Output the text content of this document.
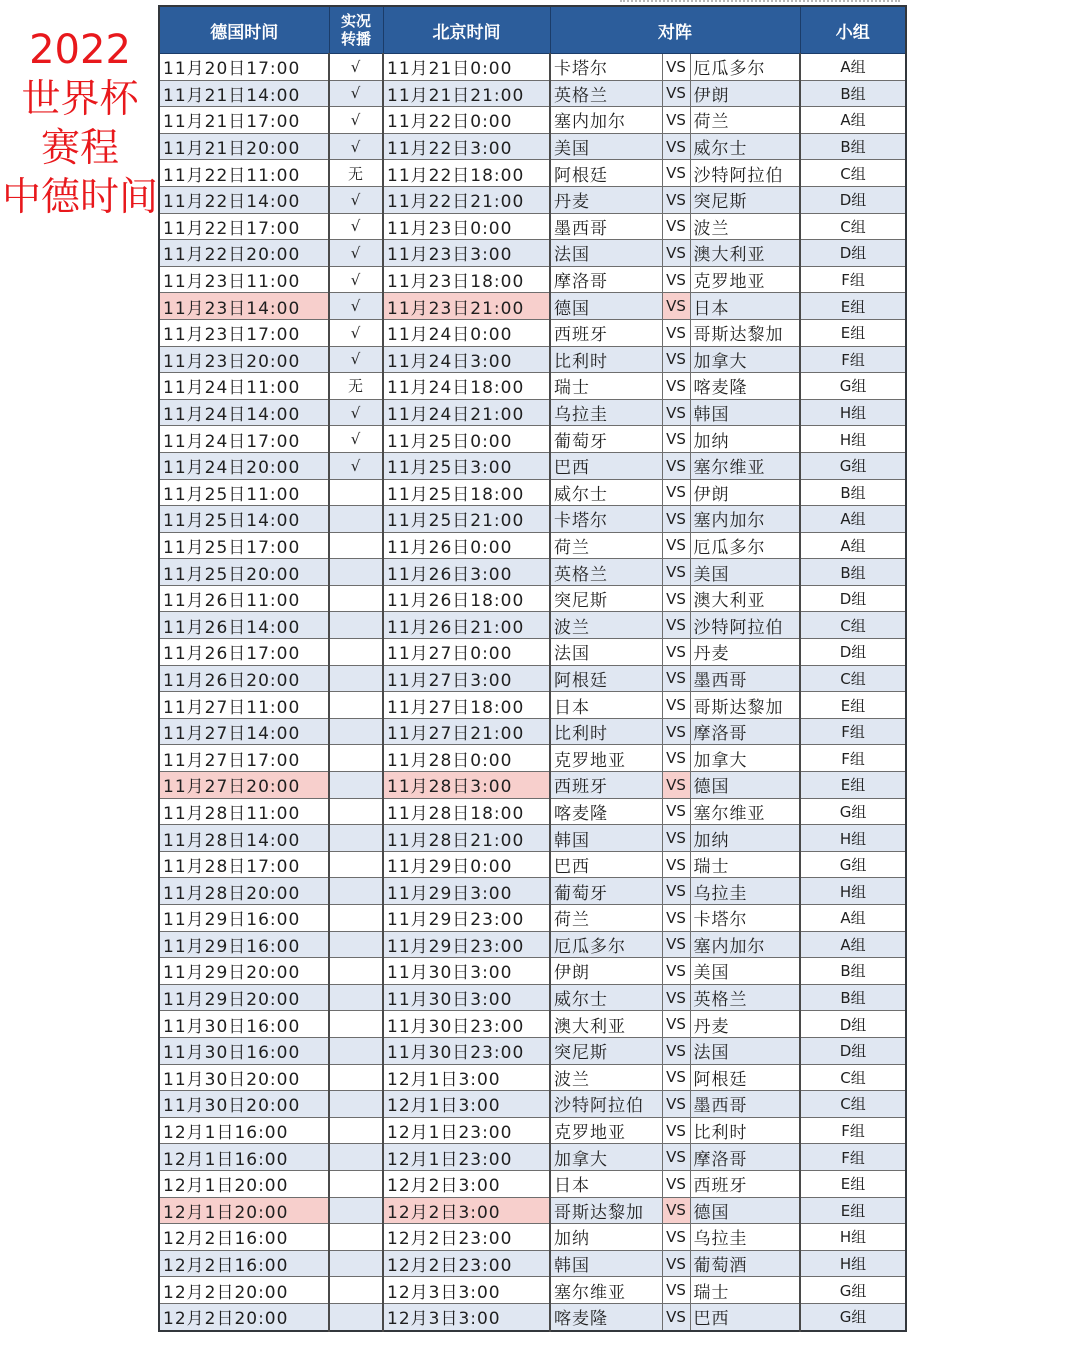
2022
世界杯
赛程
中德时间
德国时间	实况
转播	北京时间	对阵			小组
11月20日17:00	√	11月21日0:00	卡塔尔	VS	厄瓜多尔	A组
11月21日14:00	√	11月21日21:00	英格兰	VS	伊朗	B组
11月21日17:00	√	11月22日0:00	塞内加尔	VS	荷兰	A组
11月21日20:00	√	11月22日3:00	美国	VS	威尔士	B组
11月22日11:00	无	11月22日18:00	阿根廷	VS	沙特阿拉伯	C组
11月22日14:00	√	11月22日21:00	丹麦	VS	突尼斯	D组
11月22日17:00	√	11月23日0:00	墨西哥	VS	波兰	C组
11月22日20:00	√	11月23日3:00	法国	VS	澳大利亚	D组
11月23日11:00	√	11月23日18:00	摩洛哥	VS	克罗地亚	F组
11月23日14:00	√	11月23日21:00	德国	VS	日本	E组
11月23日17:00	√	11月24日0:00	西班牙	VS	哥斯达黎加	E组
11月23日20:00	√	11月24日3:00	比利时	VS	加拿大	F组
11月24日11:00	无	11月24日18:00	瑞士	VS	喀麦隆	G组
11月24日14:00	√	11月24日21:00	乌拉圭	VS	韩国	H组
11月24日17:00	√	11月25日0:00	葡萄牙	VS	加纳	H组
11月24日20:00	√	11月25日3:00	巴西	VS	塞尔维亚	G组
11月25日11:00		11月25日18:00	威尔士	VS	伊朗	B组
11月25日14:00		11月25日21:00	卡塔尔	VS	塞内加尔	A组
11月25日17:00		11月26日0:00	荷兰	VS	厄瓜多尔	A组
11月25日20:00		11月26日3:00	英格兰	VS	美国	B组
11月26日11:00		11月26日18:00	突尼斯	VS	澳大利亚	D组
11月26日14:00		11月26日21:00	波兰	VS	沙特阿拉伯	C组
11月26日17:00		11月27日0:00	法国	VS	丹麦	D组
11月26日20:00		11月27日3:00	阿根廷	VS	墨西哥	C组
11月27日11:00		11月27日18:00	日本	VS	哥斯达黎加	E组
11月27日14:00		11月27日21:00	比利时	VS	摩洛哥	F组
11月27日17:00		11月28日0:00	克罗地亚	VS	加拿大	F组
11月27日20:00		11月28日3:00	西班牙	VS	德国	E组
11月28日11:00		11月28日18:00	喀麦隆	VS	塞尔维亚	G组
11月28日14:00		11月28日21:00	韩国	VS	加纳	H组
11月28日17:00		11月29日0:00	巴西	VS	瑞士	G组
11月28日20:00		11月29日3:00	葡萄牙	VS	乌拉圭	H组
11月29日16:00		11月29日23:00	荷兰	VS	卡塔尔	A组
11月29日16:00		11月29日23:00	厄瓜多尔	VS	塞内加尔	A组
11月29日20:00		11月30日3:00	伊朗	VS	美国	B组
11月29日20:00		11月30日3:00	威尔士	VS	英格兰	B组
11月30日16:00		11月30日23:00	澳大利亚	VS	丹麦	D组
11月30日16:00		11月30日23:00	突尼斯	VS	法国	D组
11月30日20:00		12月1日3:00	波兰	VS	阿根廷	C组
11月30日20:00		12月1日3:00	沙特阿拉伯	VS	墨西哥	C组
12月1日16:00		12月1日23:00	克罗地亚	VS	比利时	F组
12月1日16:00		12月1日23:00	加拿大	VS	摩洛哥	F组
12月1日20:00		12月2日3:00	日本	VS	西班牙	E组
12月1日20:00		12月2日3:00	哥斯达黎加	VS	德国	E组
12月2日16:00		12月2日23:00	加纳	VS	乌拉圭	H组
12月2日16:00		12月2日23:00	韩国	VS	葡萄酒	H组
12月2日20:00		12月3日3:00	塞尔维亚	VS	瑞士	G组
12月2日20:00		12月3日3:00	喀麦隆	VS	巴西	G组
